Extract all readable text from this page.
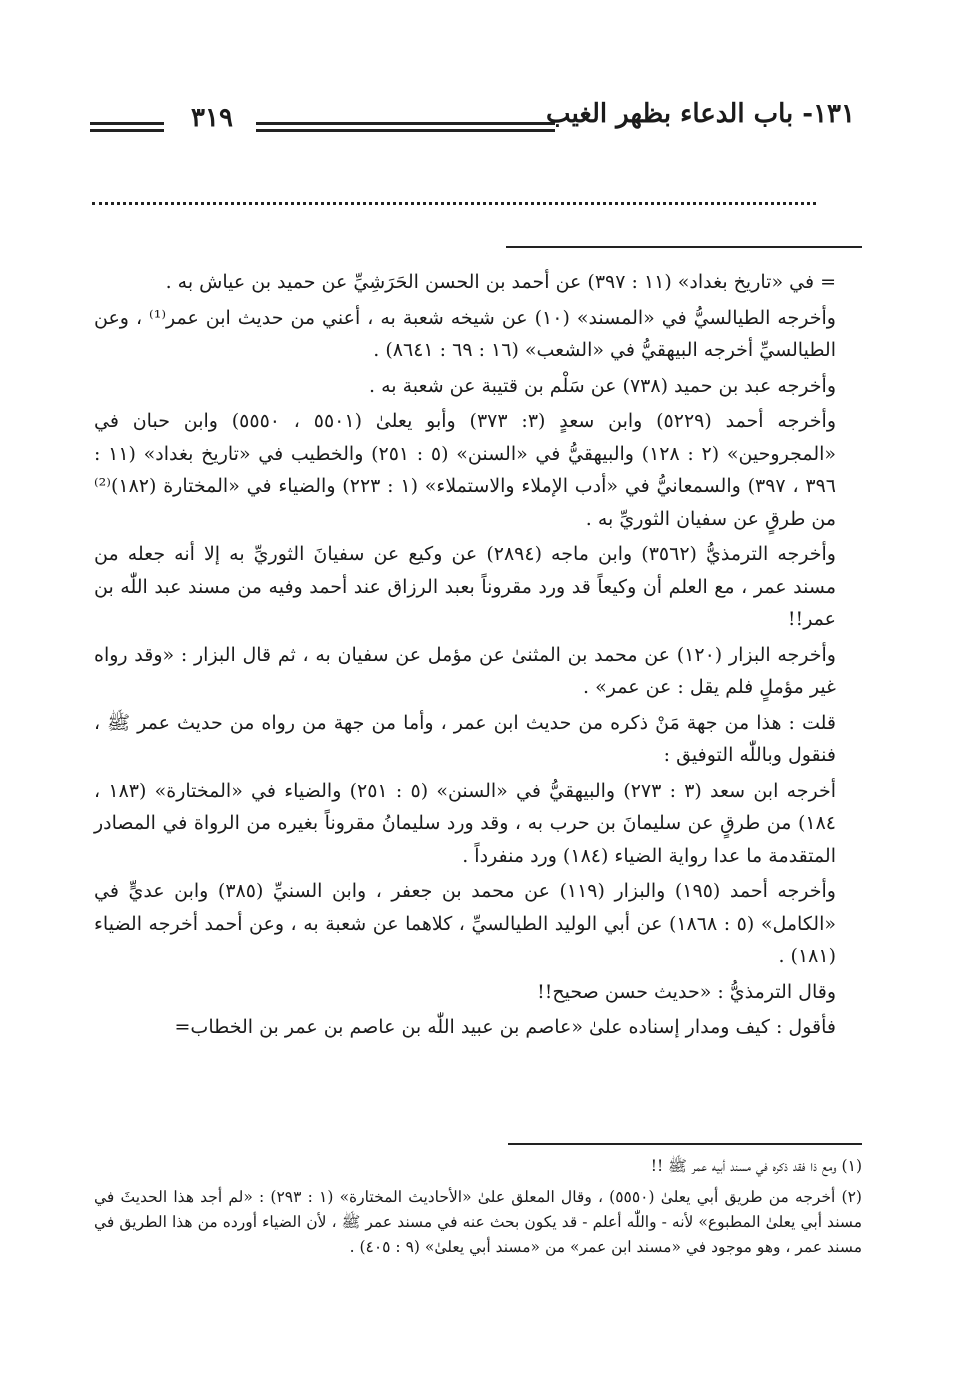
٣١٩	١٣١- باب الدعاء بظهر الغيب

= في «تاريخ بغداد» (١١ : ٣٩٧) عن أحمد بن الحسن الحَرَشِيِّ عن حميد بن عياش به .

وأخرجه الطيالسيُّ في «المسند» (١٠) عن شيخه شعبة به ، أعني من حديث ابن عمر⁽¹⁾ ، وعن الطيالسيِّ أخرجه البيهقيُّ في «الشعب» (١٦ : ٦٩ : ٨٦٤١) .

وأخرجه عبد بن حميد (٧٣٨) عن سَلْم بن قتيبة عن شعبة به .

وأخرجه أحمد (٥٢٢٩) وابن سعدٍ (٣: ٣٧٣) وأبو يعلىٰ (٥٥٠١ ، ٥٥٥٠) وابن حبان في «المجروحين» (٢ : ١٢٨) والبيهقيُّ في «السنن» (٥ : ٢٥١) والخطيب في «تاريخ بغداد» (١١ : ٣٩٦ ، ٣٩٧) والسمعانيُّ في «أدب الإملاء والاستملاء» (١ : ٢٢٣) والضياء في «المختارة (١٨٢)⁽²⁾ من طرقٍ عن سفيان الثوريِّ به .

وأخرجه الترمذيُّ (٣٥٦٢) وابن ماجه (٢٨٩٤) عن وكيع عن سفيانَ الثوريِّ به إلا أنه جعله من مسند عمر ، مع العلم أن وكيعاً قد ورد مقروناً بعبد الرزاق عند أحمد وفيه من مسند عبد اللّٰه بن عمر!!

وأخرجه البزار (١٢٠) عن محمد بن المثنىٰ عن مؤمل عن سفيان به ، ثم قال البزار : «وقد رواه غير مؤملٍ فلم يقل : عن عمر» .

قلت : هذا من جهة مَنْ ذكره من حديث ابن عمر ، وأما من جهة من رواه من حديث عمر ﷺ ، فنقول وباللّٰه التوفيق :

أخرجه ابن سعد (٣ : ٢٧٣) والبيهقيُّ في «السنن» (٥ : ٢٥١) والضياء في «المختارة» (١٨٣ ، ١٨٤) من طرقٍ عن سليمانَ بن حرب به ، وقد ورد سليمانُ مقروناً بغيره من الرواة في المصادر المتقدمة ما عدا رواية الضياء (١٨٤) ورد منفرداً .

وأخرجه أحمد (١٩٥) والبزار (١١٩) عن محمد بن جعفر ، وابن السنيِّ (٣٨٥) وابن عديٍّ في «الكامل» (٥ : ١٨٦٨) عن أبي الوليد الطيالسيِّ ، كلاهما عن شعبة به ، وعن أحمد أخرجه الضياء (١٨١) .

وقال الترمذيُّ : «حديث حسن صحيح!!

فأقول : كيف ومدار إسناده علىٰ «عاصم بن عبيد اللّٰه بن عاصم بن عمر بن الخطاب=

(١) ومع ذا فقد ذكره في مسند أبيه عمر ﷺ !!

(٢) أخرجه من طريق أبي يعلىٰ (٥٥٥٠) ، وقال المعلق علىٰ «الأحاديث المختارة» (١ : ٢٩٣) : «لم أجد هذا الحديثَ في مسند أبي يعلىٰ المطبوع» لأنه - واللّٰه أعلم - قد يكون بحث عنه في مسند عمر ﷺ ، لأن الضياء أورده من هذا الطريق في مسند عمر ، وهو موجود في «مسند ابن عمر» من «مسند أبي يعلىٰ» (٩ : ٤٠٥) .
